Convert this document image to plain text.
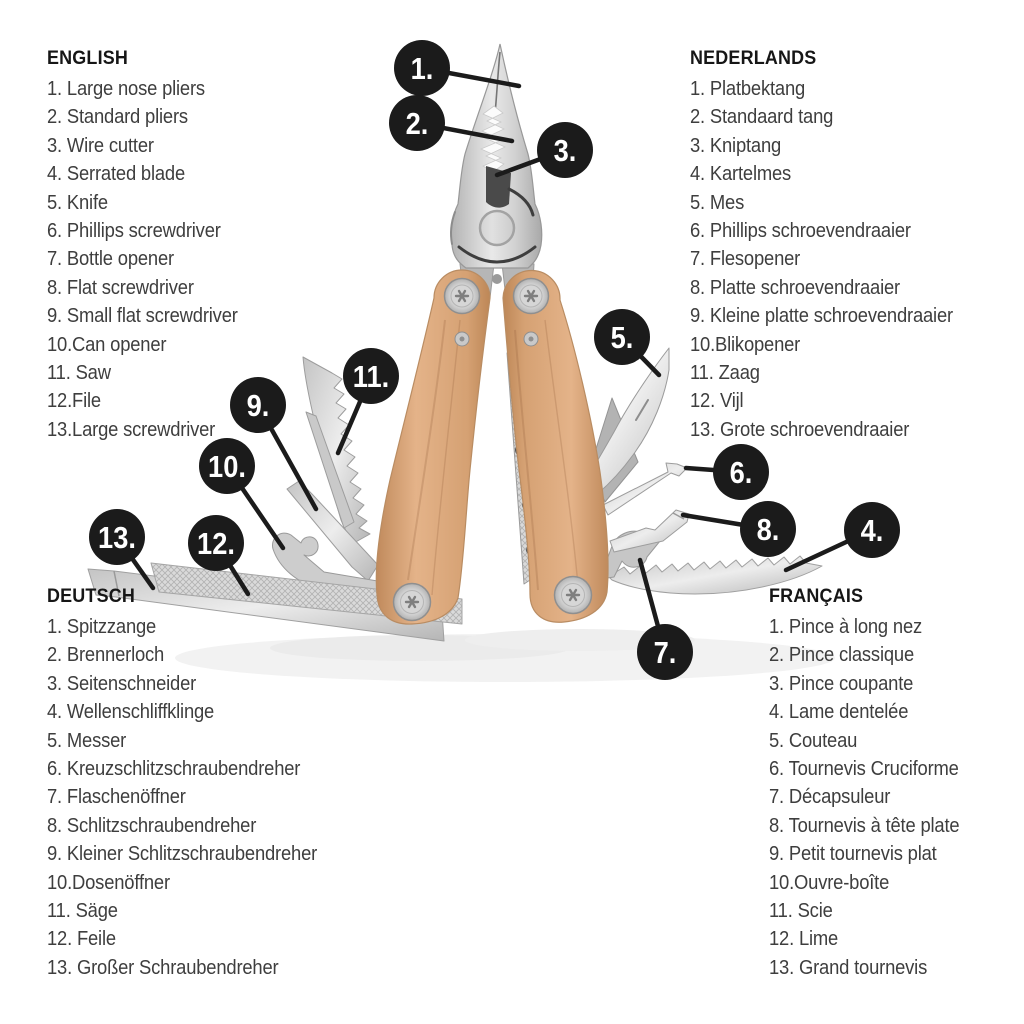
1.
2.
3.
4.
5.
6.
7.
8.
9.
10.
11.
12.
13.
ENGLISH
1. Large nose pliers
2. Standard pliers
3. Wire cutter
4. Serrated blade
5. Knife
6. Phillips screwdriver
7. Bottle opener
8. Flat screwdriver
9. Small flat screwdriver
10.Can opener
11. Saw
12.File
13.Large screwdriver
NEDERLANDS
1. Platbektang
2. Standaard tang
3. Kniptang
4. Kartelmes
5. Mes
6. Phillips schroevendraaier
7. Flesopener
8. Platte schroevendraaier
9. Kleine platte schroevendraaier
10.Blikopener
11. Zaag
12. Vijl
13. Grote schroevendraaier
DEUTSCH
1. Spitzzange
2. Brennerloch
3. Seitenschneider
4. Wellenschliffklinge
5. Messer
6. Kreuzschlitzschraubendreher
7. Flaschenöffner
8. Schlitzschraubendreher
9. Kleiner Schlitzschraubendreher
10.Dosenöffner
11. Säge
12. Feile
13. Großer Schraubendreher
FRANÇAIS
1. Pince à long nez
2. Pince classique
3. Pince coupante
4. Lame dentelée
5. Couteau
6. Tournevis Cruciforme
7. Décapsuleur
8. Tournevis à tête plate
9. Petit tournevis plat
10.Ouvre-boîte
11. Scie
12. Lime
13. Grand tournevis
